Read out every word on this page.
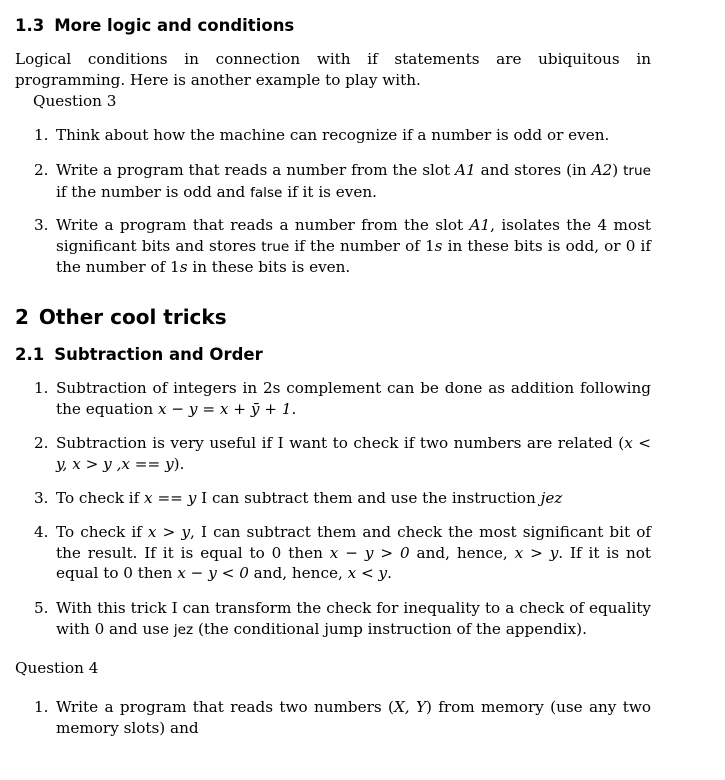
1.3 More logic and conditions
Logical conditions in connection with if statements are ubiquitous in programming. Here is another example to play with.
Question 3
1. Think about how the machine can recognize if a number is odd or even.
2. Write a program that reads a number from the slot A1 and stores (in A2) true if the number is odd and false if it is even.
3. Write a program that reads a number from the slot A1, isolates the 4 most significant bits and stores true if the number of 1s in these bits is odd, or 0 if the number of 1s in these bits is even.
2 Other cool tricks
2.1 Subtraction and Order
1. Subtraction of integers in 2s complement can be done as addition following the equation x − y = x + ȳ + 1.
2. Subtraction is very useful if I want to check if two numbers are related (x < y, x > y ,x == y).
3. To check if x == y I can subtract them and use the instruction jez
4. To check if x > y, I can subtract them and check the most significant bit of the result. If it is equal to 0 then x − y > 0 and, hence, x > y. If it is not equal to 0 then x − y < 0 and, hence, x < y.
5. With this trick I can transform the check for inequality to a check of equality with 0 and use jez (the conditional jump instruction of the appendix).
Question 4
1. Write a program that reads two numbers (X, Y) from memory (use any two memory slots) and
